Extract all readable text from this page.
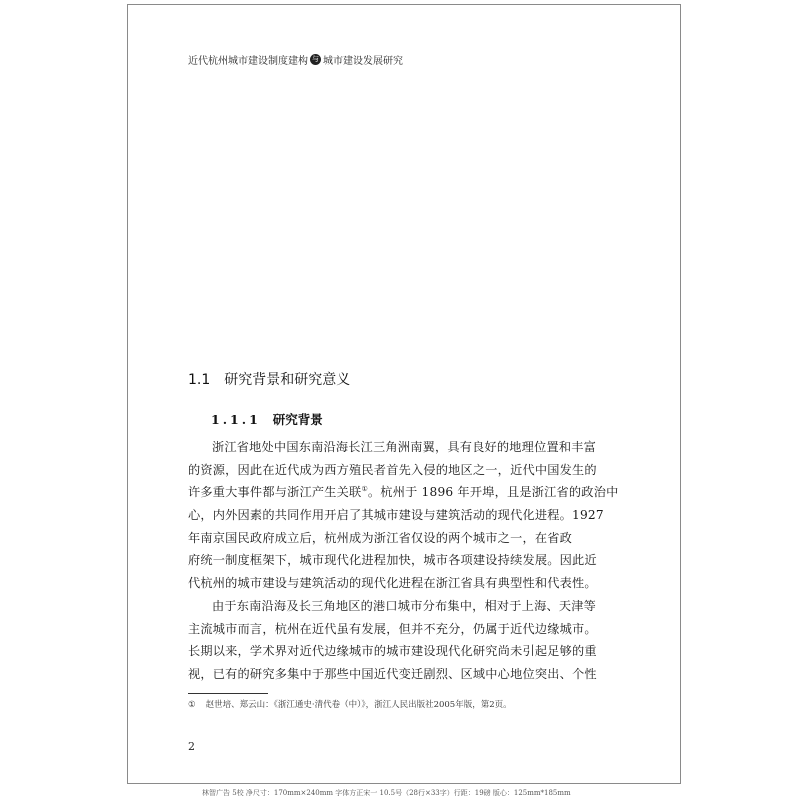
近代杭州城市建设制度建构 与 城市建设发展研究
1.1 研究背景和研究意义
1.1.1 研究背景
浙江省地处中国东南沿海长江三角洲南翼，具有良好的地理位置和丰富
的资源，因此在近代成为西方殖民者首先入侵的地区之一，近代中国发生的
许多重大事件都与浙江产生关联①。杭州于 1896 年开埠，且是浙江省的政治中
心，内外因素的共同作用开启了其城市建设与建筑活动的现代化进程。1927
年南京国民政府成立后，杭州成为浙江省仅设的两个城市之一，在省政
府统一制度框架下，城市现代化进程加快，城市各项建设持续发展。因此近
代杭州的城市建设与建筑活动的现代化进程在浙江省具有典型性和代表性。
由于东南沿海及长三角地区的港口城市分布集中，相对于上海、天津等
主流城市而言，杭州在近代虽有发展，但并不充分，仍属于近代边缘城市。
长期以来，学术界对近代边缘城市的城市建设现代化研究尚未引起足够的重
视，已有的研究多集中于那些中国近代变迁剧烈、区域中心地位突出、个性
① 赵世培、郑云山：《浙江通史·清代卷（中）》，浙江人民出版社2005年版，第2页。
2
林智广告 5校 净尺寸：170mm×240mm 字体方正宋一 10.5号（28行×33字）行距：19磅 版心：125mm*185mm
